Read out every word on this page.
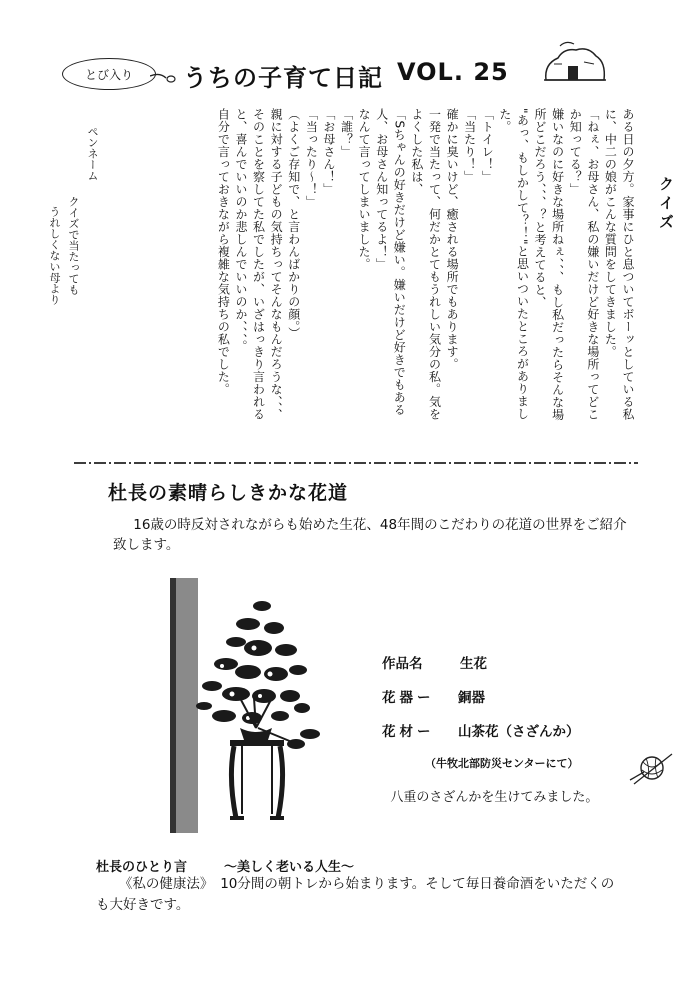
とび入り うちの子育て日記 VOL. 25

ある日の夕方。家事にひと息ついてボーッとしている私に、中二の娘がこんな質問をしてきました。

「ねぇ、お母さん、私の嫌いだけど好きな場所ってどこか知ってる？」

嫌いなのに好きな場所ねぇ、、、もし私だったらそんな場所どこだろう、、、？と考えてると、

"あっ、もしかして？！"と思いついたところがありました。

「トイレ！」

「当たり！」

確かに臭いけど、癒される場所でもあります。

一発で当たって、何だかとてもうれしい気分の私。気をよくした私は、

「Sちゃんの好きだけど嫌い。嫌いだけど好きでもある人、お母さん知ってるよ！」

なんて言ってしまいました。

「誰？」

「お母さん！」

「当ったり〜！」

（よくご存知で、と言わんばかりの顔。）

親に対する子どもの気持ちってそんなもんだろうな、、、そのことを察してた私でしたが、いざはっきり言われると、喜んでいいのか悲しんでいいのか、、、。

自分で言っておきながら複雑な気持ちの私でした。

ペンネーム
クイズで当たっても
うれしくない母より
クイズ
杜長の素晴らしきかな花道
16歳の時反対されながらも始めた生花、48年間のこだわりの花道の世界をご紹介致します。
作品名	生花
花器ー 銅器
花材ー 山茶花（さざんか）
（牛牧北部防災センターにて）
八重のさざんかを生けてみました。
杜長のひとり言	〜美しく老いる人生〜
《私の健康法》　 10分間の朝トレから始まります。そして毎日養命酒をいただくのも大好きです。
